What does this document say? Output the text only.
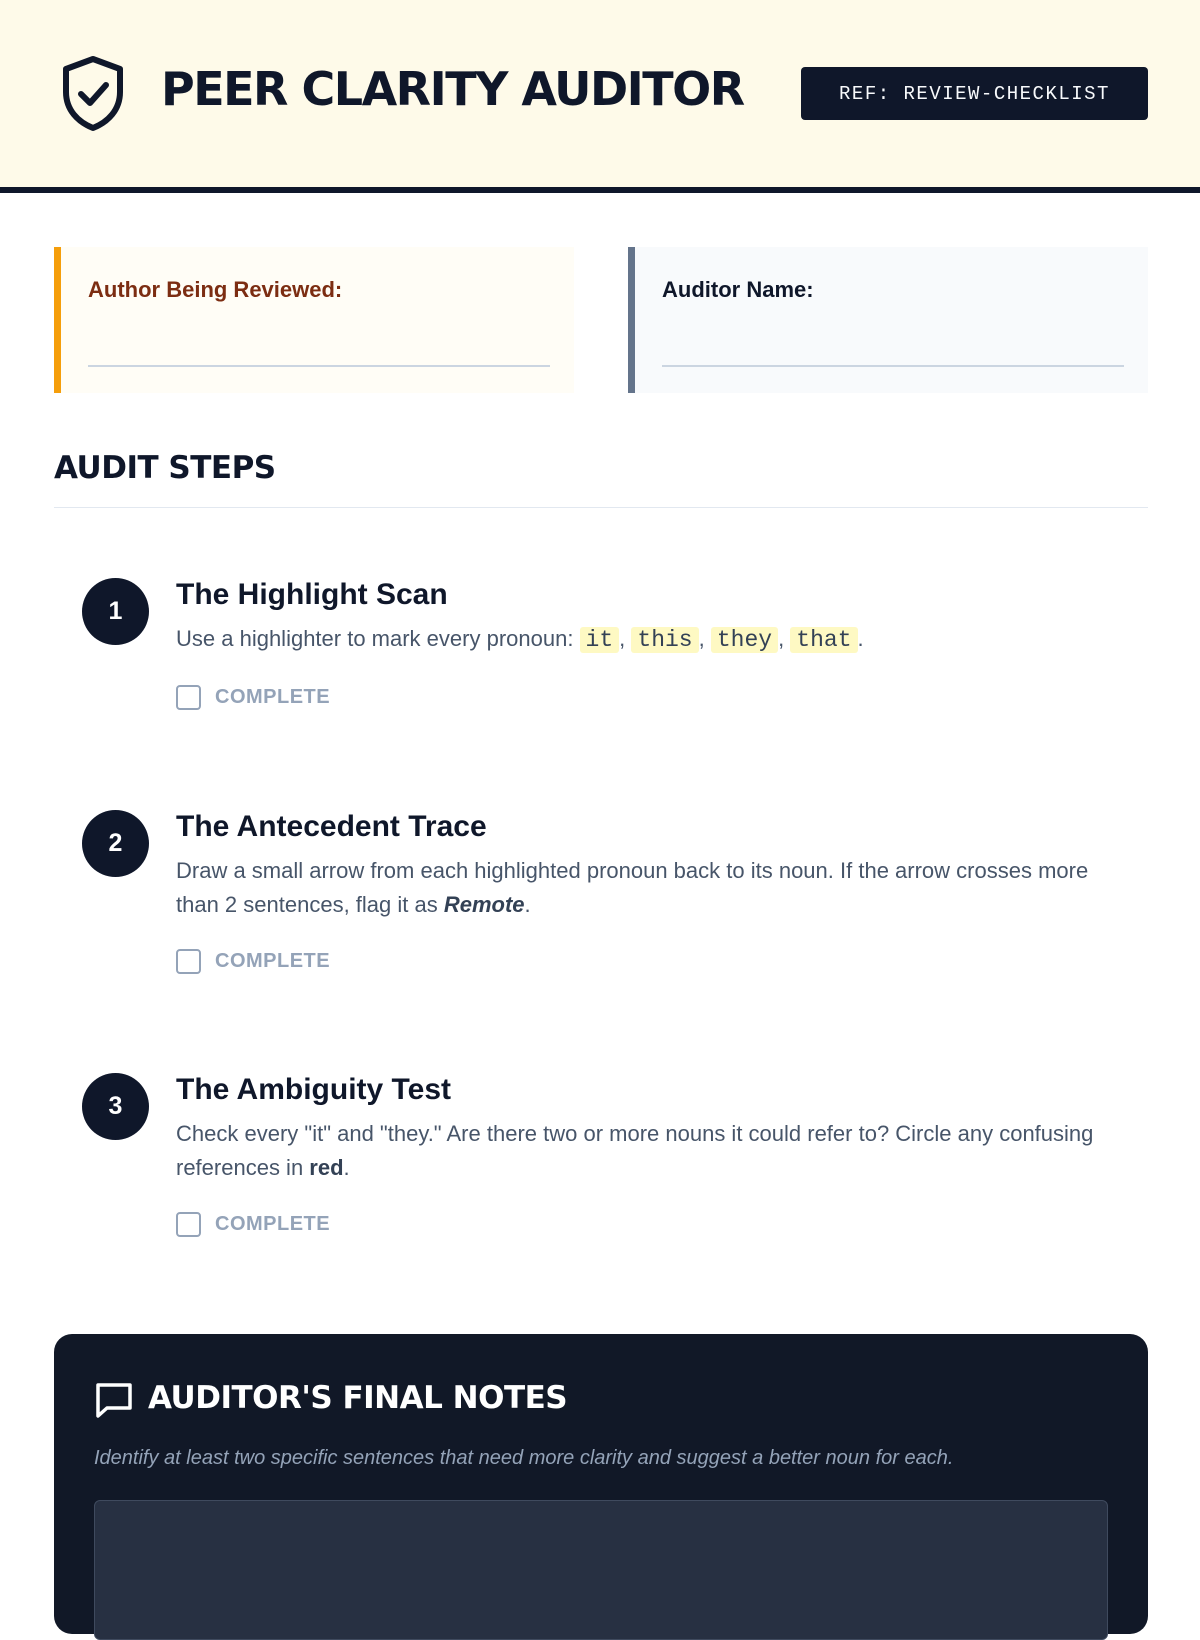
PEER CLARITY AUDITOR	REF: REVIEW-CHECKLIST
Author Being Reviewed:	Auditor Name:
AUDIT STEPS
1	The Highlight Scan
Use a highlighter to mark every pronoun: it , this , they , that .
COMPLETE
2	The Antecedent Trace
Draw a small arrow from each highlighted pronoun back to its noun. If the arrow crosses more than 2 sentences, flag it as Remote.
COMPLETE
3	The Ambiguity Test
Check every "it" and "they." Are there two or more nouns it could refer to? Circle any confusing references in red.
COMPLETE
AUDITOR'S FINAL NOTES
Identify at least two specific sentences that need more clarity and suggest a better noun for each.
